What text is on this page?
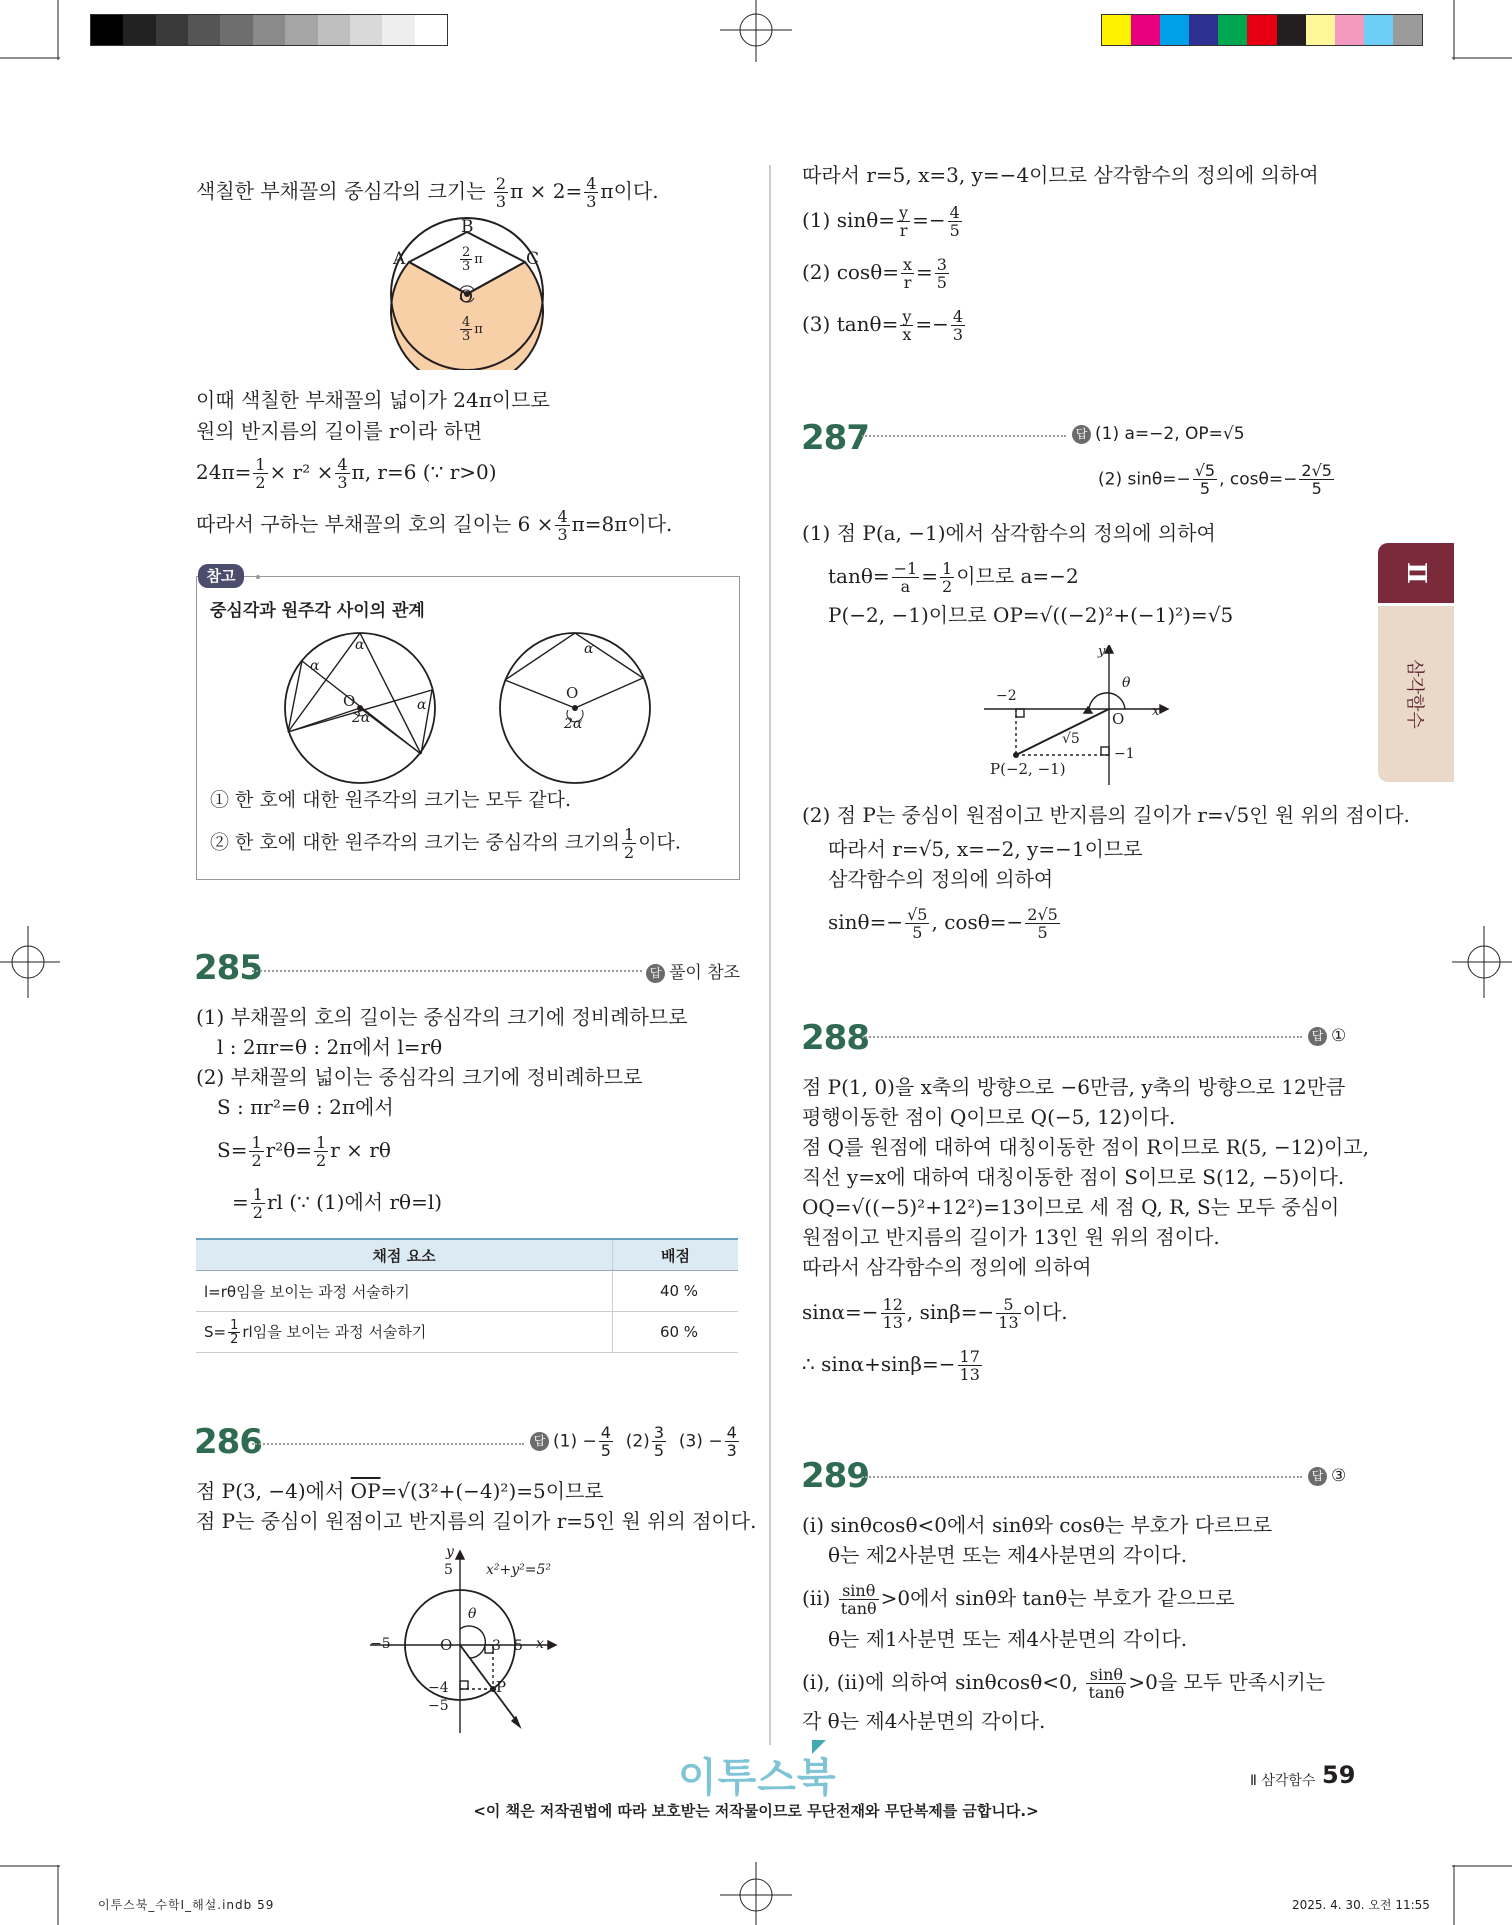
색칠한 부채꼴의 중심각의 크기는 $\frac{2}{3}$ $\pi \times 2= \frac{4}{3}$ π이다.
B
A	C
O
$\frac{2}{3}$ π
$\frac{4}{3}$ π
이때 색칠한 부채꼴의 넓이가 24π이므로
원의 반지름의 길이를 r이라 하면
$24\pi= \frac{1}{2} \times r^2 \times \frac{4}{3} \pi$, r=6 (∵ r>0)
따라서 구하는 부채꼴의 호의 길이는 $6 \times \frac{4}{3} \pi=8\pi$이다.
참고
중심각과 원주각 사이의 관계
α
α
α
O
2α
α
O
2α
① 한 호에 대한 원주각의 크기는 모두 같다.
② 한 호에 대한 원주각의 크기는 중심각의 크기의 $\frac{1}{2}$ 이다.
285	답 풀이 참조
(1) 부채꼴의 호의 길이는 중심각의 크기에 정비례하므로
l : 2πr=θ : 2π에서 l=rθ
(2) 부채꼴의 넓이는 중심각의 크기에 정비례하므로
S : πr²=θ : 2π에서
$S= \frac{1}{2} r^2\theta= \frac{1}{2}$ r × rθ
= $\frac{1}{2}$ rl (∵ (1)에서 rθ=l)
채점 요소	배점
l=rθ임을 보이는 과정 서술하기	40 %
$S= \frac{1}{2}$ rl임을 보이는 과정 서술하기	60 %
286	답 $(1) - \frac{4}{5} (2) \frac{3}{5} (3) - \frac{4}{3}$
점 P(3, −4)에서 $\overline{OP}=√(3^2+(-4)^2)=5$이므로
점 P는 중심이 원점이고 반지름의 길이가 r=5인 원 위의 점이다.
y
5 x²+y²=5²
θ
−5	O	3 5 x
−4	P
−5
따라서 r=5, x=3, y=−4이므로 삼각함수의 정의에 의하여
(1) $\sin\theta= \frac{y}{r} =- \frac{4}{5}$
(2) $\cos\theta= \frac{x}{r} = \frac{3}{5}$
(3) $\tan\theta= \frac{y}{x} =- \frac{4}{3}$
287	답 (1) a=−2, OP=√5
(2) $\sin\theta=- \frac{√5}{5}$ , $\cos\theta=- \frac{2√5}{5}$
(1) 점 P(a, −1)에서 삼각함수의 정의에 의하여
$\tan\theta= \frac{-1}{a} = \frac{1}{2}$ 이므로 a=−2
P(−2, −1)이므로 OP=√((−2)²+(−1)²)=√5
y
θ
−2
O x
√5
−1
P(−2, −1)
(2) 점 P는 중심이 원점이고 반지름의 길이가 r=√5인 원 위의 점이다.
따라서 r=√5, x=−2, y=−1이므로
삼각함수의 정의에 의하여
$\sin\theta=- \frac{√5}{5}$ , $\cos\theta=- \frac{2√5}{5}$
288	답 ①
점 P(1, 0)을 x축의 방향으로 −6만큼, y축의 방향으로 12만큼
평행이동한 점이 Q이므로 Q(−5, 12)이다.
점 Q를 원점에 대하여 대칭이동한 점이 R이므로 R(5, −12)이고,
직선 y=x에 대하여 대칭이동한 점이 S이므로 S(12, −5)이다.
OQ=√((−5)²+12²)=13이므로 세 점 Q, R, S는 모두 중심이
원점이고 반지름의 길이가 13인 원 위의 점이다.
따라서 삼각함수의 정의에 의하여
$\sin\alpha=- \frac{12}{13}$ , $\sin\beta=- \frac{5}{13}$ 이다.
∴ $\sin\alpha+\sin\beta=- \frac{17}{13}$
289	답 ③
(i) sinθcosθ<0에서 sinθ와 cosθ는 부호가 다르므로
θ는 제2사분면 또는 제4사분면의 각이다.
$(ii) \frac{\sin\theta}{\tan\theta} >0$에서 sinθ와 tanθ는 부호가 같으므로
θ는 제1사분면 또는 제4사분면의 각이다.
(i), (ii)에 의하여 sinθcosθ<0, $\frac{\sin\theta}{\tan\theta} >0$을 모두 만족시키는
각 θ는 제4사분면의 각이다.
Ⅱ
삼각함수
이투스북	Ⅱ 삼각함수 59
<이 책은 저작권법에 따라 보호받는 저작물이므로 무단전재와 무단복제를 금합니다.>
이투스북_수학Ⅰ_해설.indb 59	2025. 4. 30. 오전 11:55
